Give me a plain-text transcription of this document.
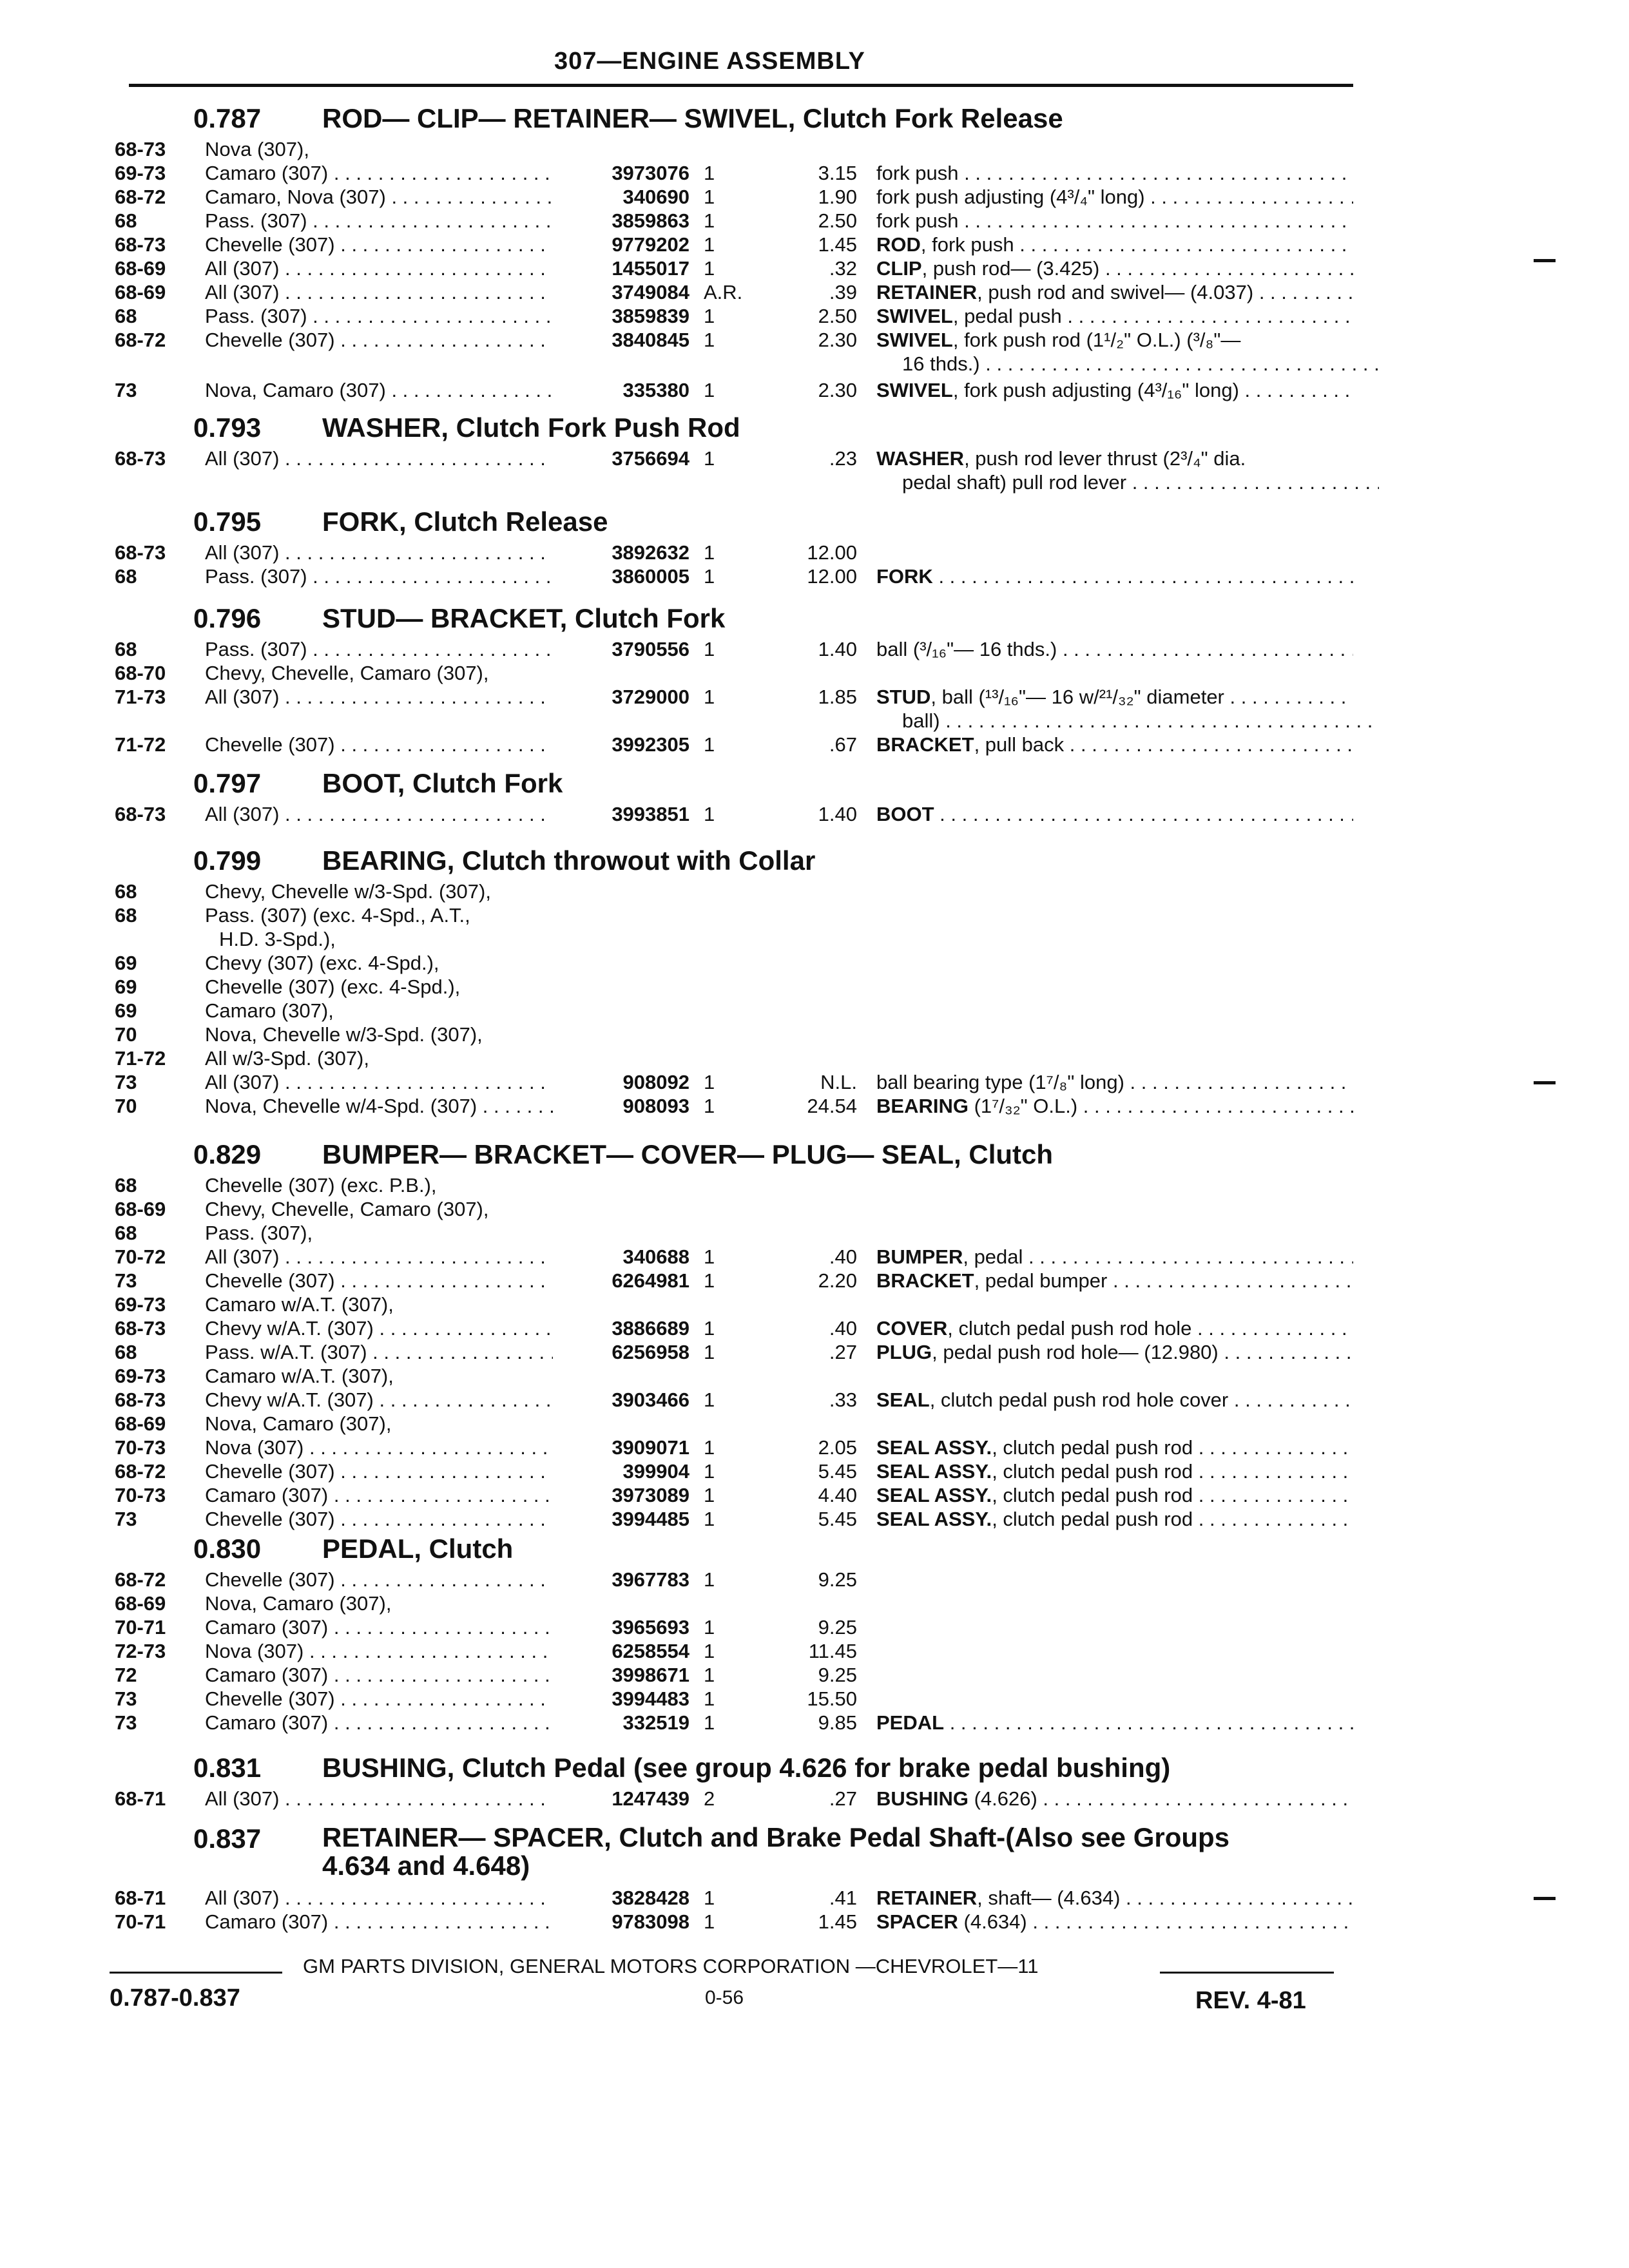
307—ENGINE ASSEMBLY
0.787 ROD— CLIP— RETAINER— SWIVEL, Clutch Fork Release
68-73 Nova (307),
69-73 Camaro (307) . . .	3973076 1	3.15 fork push . . .
68-72 Camaro, Nova (307) . . .	340690 1	1.90 fork push adjusting (4³/₄" long) . . .
68	Pass. (307) . . .	3859863 1	2.50 fork push . . .
68-73 Chevelle (307) . . .	9779202 1	1.45 ROD, fork push . . .
68-69 All (307) . . .	1455017 1	.32 CLIP, push rod— (3.425) . . .
68-69 All (307) . . .	3749084 A.R.	.39 RETAINER, push rod and swivel— (4.037) . . .
68	Pass. (307) . . .	3859839 1	2.50 SWIVEL, pedal push . . .
68-72 Chevelle (307) . . .	3840845 1	2.30 SWIVEL, fork push rod (1¹/₂" O.L.) (³/₈"—
16 thds.) . . .
73	Nova, Camaro (307) . . .	335380 1	2.30 SWIVEL, fork push adjusting (4³/₁₆" long) . . .
0.793 WASHER, Clutch Fork Push Rod
68-73 All (307) . . .	3756694 1	.23 WASHER, push rod lever thrust (2³/₄" dia.
pedal shaft) pull rod lever . . .
0.795 FORK, Clutch Release
68-73 All (307) . . .	3892632 1	12.00
68	Pass. (307) . . .	3860005 1	12.00 FORK . . .
0.796 STUD— BRACKET, Clutch Fork
68	Pass. (307) . . .	3790556 1	1.40 ball (³/₁₆"— 16 thds.) . . .
68-70 Chevy, Chevelle, Camaro (307),
71-73 All (307) . . .	3729000 1	1.85 STUD, ball (¹³/₁₆"— 16 w/²¹/₃₂" diameter . . .
ball) . . .
71-72 Chevelle (307) . . .	3992305 1	.67 BRACKET, pull back . . .
0.797 BOOT, Clutch Fork
68-73 All (307) . . .	3993851 1	1.40 BOOT . . .
0.799 BEARING, Clutch throwout with Collar
68	Chevy, Chevelle w/3-Spd. (307),
68	Pass. (307) (exc. 4-Spd., A.T.,
H.D. 3-Spd.),
69	Chevy (307) (exc. 4-Spd.),
69	Chevelle (307) (exc. 4-Spd.),
69	Camaro (307),
70	Nova, Chevelle w/3-Spd. (307),
71-72 All w/3-Spd. (307),
73	All (307) . . .	908092 1	N.L. ball bearing type (1⁷/₈" long) . . .
70	Nova, Chevelle w/4-Spd. (307) . . .	908093 1	24.54 BEARING (1⁷/₃₂" O.L.) . . .
0.829 BUMPER— BRACKET— COVER— PLUG— SEAL, Clutch
68	Chevelle (307) (exc. P.B.),
68-69 Chevy, Chevelle, Camaro (307),
68	Pass. (307),
70-72 All (307) . . .	340688 1	.40 BUMPER, pedal . . .
73	Chevelle (307) . . .	6264981 1	2.20 BRACKET, pedal bumper . . .
69-73 Camaro w/A.T. (307),
68-73 Chevy w/A.T. (307) . . .	3886689 1	.40 COVER, clutch pedal push rod hole . . .
68	Pass. w/A.T. (307) . . .	6256958 1	.27 PLUG, pedal push rod hole— (12.980) . . .
69-73 Camaro w/A.T. (307),
68-73 Chevy w/A.T. (307) . . .	3903466 1	.33 SEAL, clutch pedal push rod hole cover . . .
68-69 Nova, Camaro (307),
70-73 Nova (307) . . .	3909071 1	2.05 SEAL ASSY., clutch pedal push rod . . .
68-72 Chevelle (307) . . .	399904 1	5.45 SEAL ASSY., clutch pedal push rod . . .
70-73 Camaro (307) . . .	3973089 1	4.40 SEAL ASSY., clutch pedal push rod . . .
73	Chevelle (307) . . .	3994485 1	5.45 SEAL ASSY., clutch pedal push rod . . .
0.830 PEDAL, Clutch
68-72 Chevelle (307) . . .	3967783 1	9.25
68-69 Nova, Camaro (307),
70-71 Camaro (307) . . .	3965693 1	9.25
72-73 Nova (307) . . .	6258554 1	11.45
72	Camaro (307) . . .	3998671 1	9.25
73	Chevelle (307) . . .	3994483 1	15.50
73	Camaro (307) . . .	332519 1	9.85 PEDAL . . .
0.831 BUSHING, Clutch Pedal (see group 4.626 for brake pedal bushing)
68-71 All (307) . . .	1247439 2	.27 BUSHING (4.626) . . .
0.837 RETAINER— SPACER, Clutch and Brake Pedal Shaft-(Also see Groups
4.634 and 4.648)
68-71 All (307) . . .	3828428 1	.41 RETAINER, shaft— (4.634) . . .
70-71 Camaro (307) . . .	9783098 1	1.45 SPACER (4.634) . . .
GM PARTS DIVISION, GENERAL MOTORS CORPORATION —CHEVROLET—11
0.787-0.837	0-56	REV. 4-81
